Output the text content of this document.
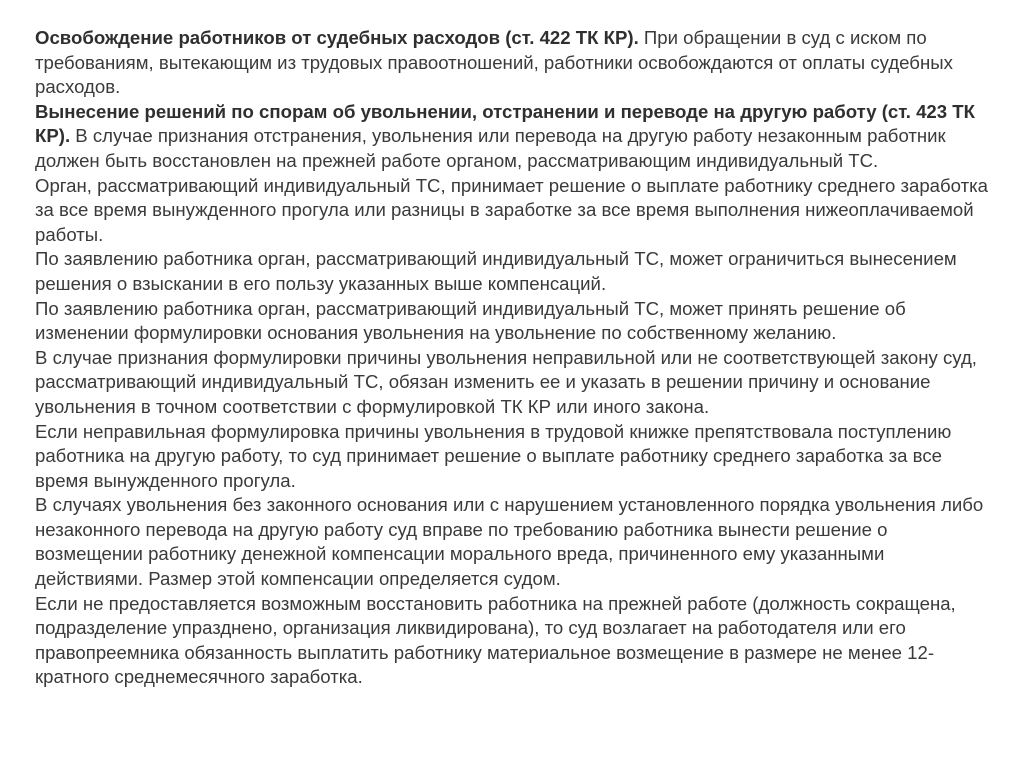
Освобождение работников от судебных расходов (ст. 422 ТК КР). При обращении в суд с иском по требованиям, вытекающим из трудовых правоотношений, работники освобождаются от оплаты судебных расходов.

Вынесение решений по спорам об увольнении, отстранении и переводе на другую работу (ст. 423 ТК КР). В случае признания отстранения, увольнения или перевода на другую работу незаконным работник должен быть восстановлен на прежней работе органом, рассматривающим индивидуальный ТС.

Орган, рассматривающий индивидуальный ТС, принимает решение о выплате работнику среднего заработка за все время вынужденного прогула или разницы в заработке за все время выполнения нижеоплачиваемой работы.

По заявлению работника орган, рассматривающий индивидуальный ТС, может ограничиться вынесением решения о взыскании в его пользу указанных выше компенсаций.

По заявлению работника орган, рассматривающий индивидуальный ТС, может принять решение об изменении формулировки основания увольнения на увольнение по собственному желанию.

В случае признания формулировки причины увольнения неправильной или не соответствующей закону суд, рассматривающий индивидуальный ТС, обязан изменить ее и указать в решении причину и основание увольнения в точном соответствии с формулировкой ТК КР или иного закона.

Если неправильная формулировка причины увольнения в трудовой книжке препятствовала поступлению работника на другую работу, то суд принимает решение о выплате работнику среднего заработка за все время вынужденного прогула.

В случаях увольнения без законного основания или с нарушением установленного порядка увольнения либо незаконного перевода на другую работу суд вправе по требованию работника вынести решение о возмещении работнику денежной компенсации морального вреда, причиненного ему указанными действиями. Размер этой компенсации определяется судом.

Если не предоставляется возможным восстановить работника на прежней работе (должность сокращена, подразделение упразднено, организация ликвидирована), то суд возлагает на работодателя или его правопреемника обязанность выплатить работнику материальное возмещение в размере не менее 12-кратного среднемесячного заработка.
